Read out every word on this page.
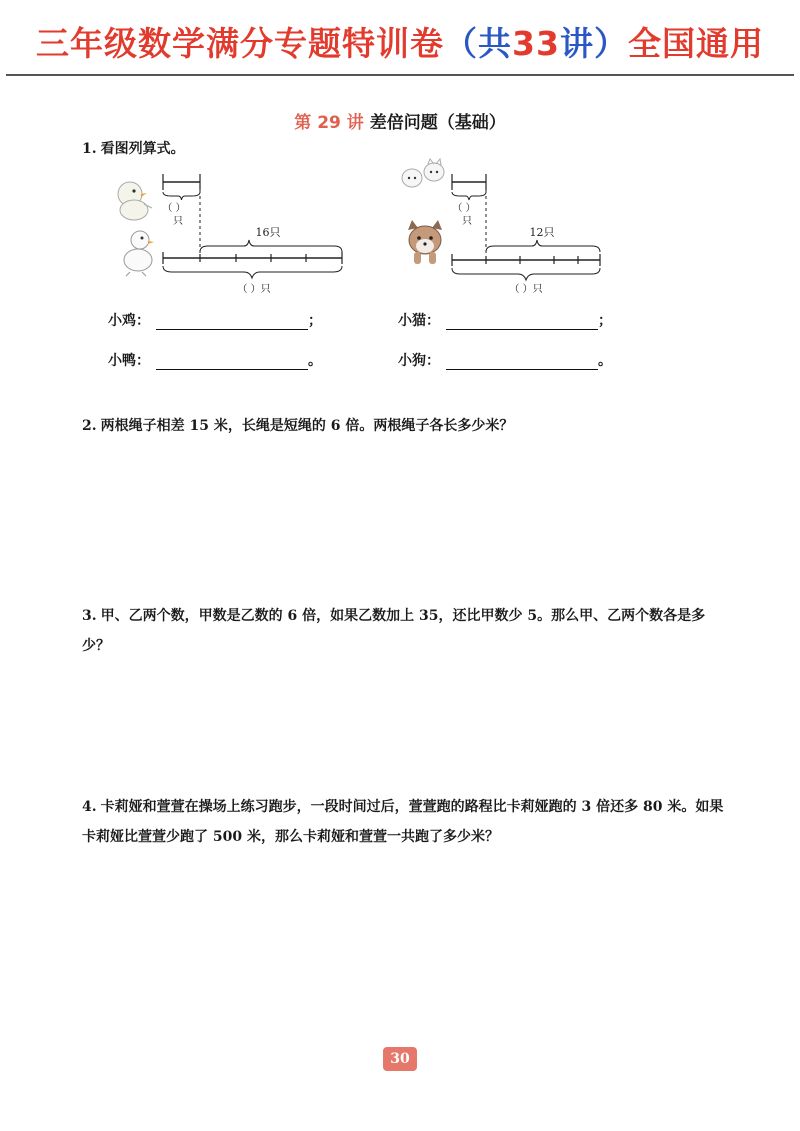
三年级数学满分专题特训卷（共33讲）全国通用
第 29 讲 差倍问题（基础）
1. 看图列算式。
（ ）
只
16只
（ ）只
（ ）
只
12只
（ ）只
小鸡：	；
小鸭：	。
小猫：	；
小狗：	。
2. 两根绳子相差 15 米，长绳是短绳的 6 倍。两根绳子各长多少米？
3. 甲、乙两个数，甲数是乙数的 6 倍，如果乙数加上 35，还比甲数少 5。那么甲、乙两个数各是多少？
4. 卡莉娅和萱萱在操场上练习跑步，一段时间过后，萱萱跑的路程比卡莉娅跑的 3 倍还多 80 米。如果卡莉娅比萱萱少跑了 500 米，那么卡莉娅和萱萱一共跑了多少米？
30
